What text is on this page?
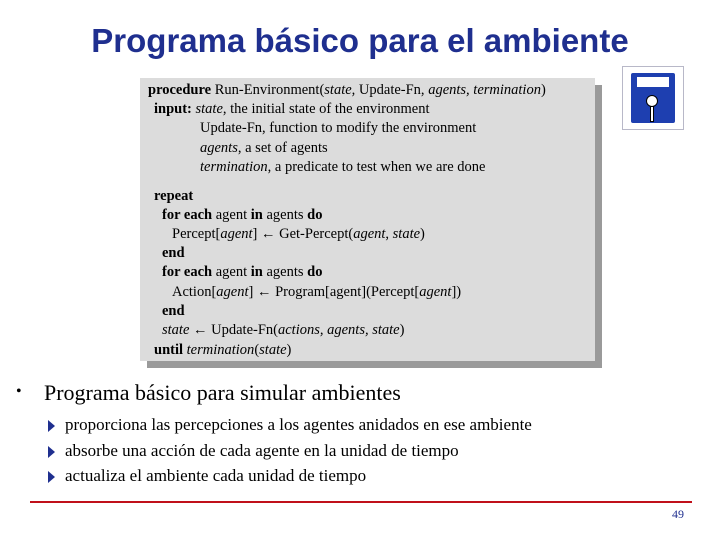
Programa básico para el ambiente
procedure Run-Environment(state, Update-Fn, agents, termination)
input: state, the initial state of the environment
Update-Fn, function to modify the environment
agents, a set of agents
termination, a predicate to test when we are done
repeat
for each agent in agents do
Percept[agent] ← Get-Percept(agent, state)
end
for each agent in agents do
Action[agent] ← Program[agent](Percept[agent])
end
state ← Update-Fn(actions, agents, state)
until termination(state)
• Programa básico para simular ambientes
proporciona las percepciones a los agentes anidados en ese ambiente
absorbe una acción de cada agente en la unidad de tiempo
actualiza el ambiente cada unidad de tiempo
49
